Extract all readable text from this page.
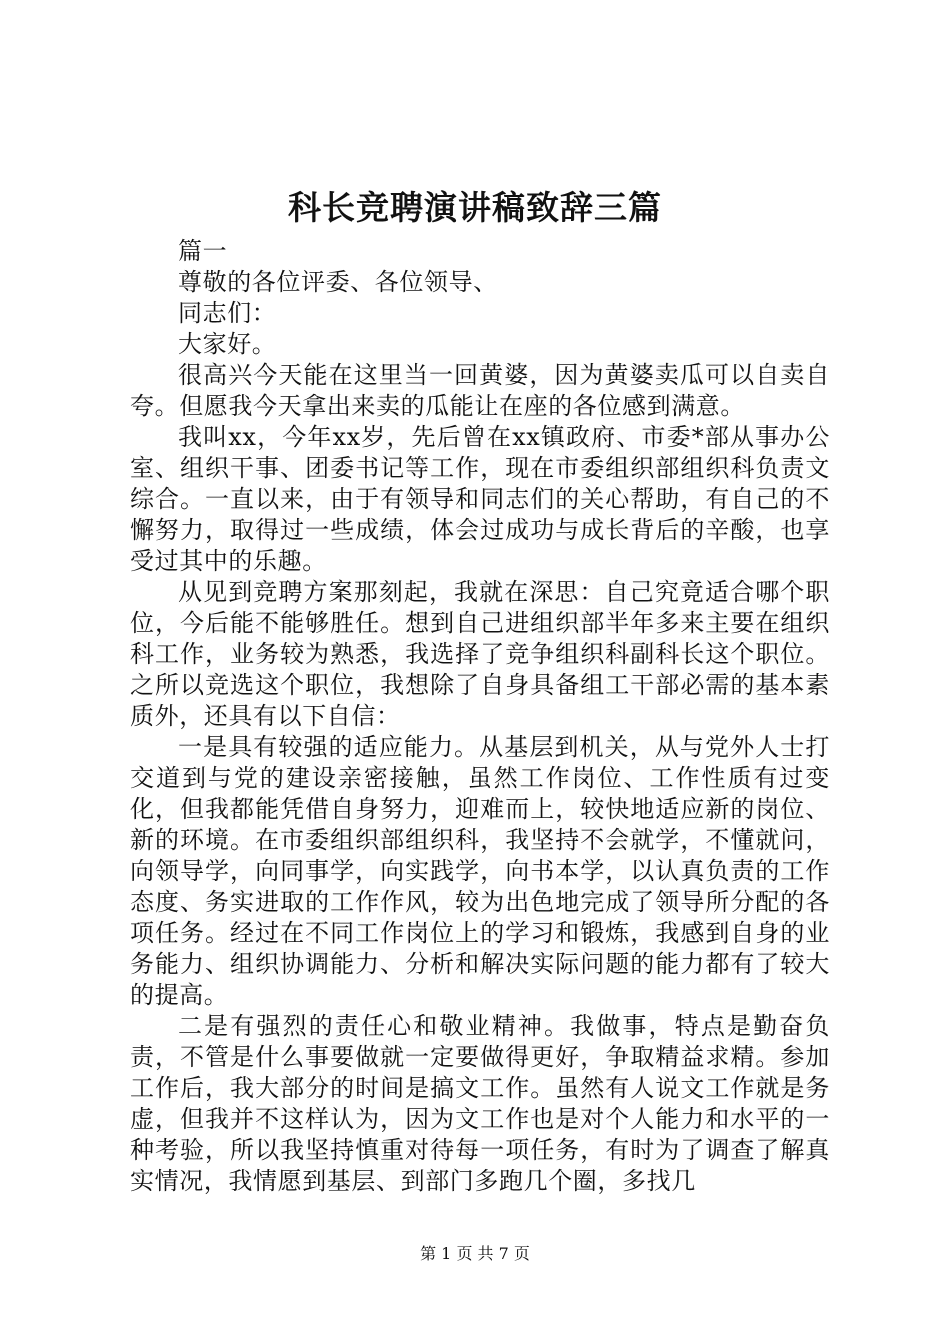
科长竞聘演讲稿致辞三篇

篇一

尊敬的各位评委、各位领导、

同志们：

大家好。

很高兴今天能在这里当一回黄婆，因为黄婆卖瓜可以自卖自夸。但愿我今天拿出来卖的瓜能让在座的各位感到满意。

我叫xx，今年xx岁，先后曾在xx镇政府、市委*部从事办公室、组织干事、团委书记等工作，现在市委组织部组织科负责文综合。一直以来，由于有领导和同志们的关心帮助，有自己的不懈努力，取得过一些成绩，体会过成功与成长背后的辛酸，也享受过其中的乐趣。

从见到竞聘方案那刻起，我就在深思：自己究竟适合哪个职位，今后能不能够胜任。想到自己进组织部半年多来主要在组织科工作，业务较为熟悉，我选择了竞争组织科副科长这个职位。之所以竞选这个职位，我想除了自身具备组工干部必需的基本素质外，还具有以下自信：

一是具有较强的适应能力。从基层到机关，从与党外人士打交道到与党的建设亲密接触，虽然工作岗位、工作性质有过变化，但我都能凭借自身努力，迎难而上，较快地适应新的岗位、新的环境。在市委组织部组织科，我坚持不会就学，不懂就问，向领导学，向同事学，向实践学，向书本学，以认真负责的工作态度、务实进取的工作作风，较为出色地完成了领导所分配的各项任务。经过在不同工作岗位上的学习和锻炼，我感到自身的业务能力、组织协调能力、分析和解决实际问题的能力都有了较大的提高。

二是有强烈的责任心和敬业精神。我做事，特点是勤奋负责，不管是什么事要做就一定要做得更好，争取精益求精。参加工作后，我大部分的时间是搞文工作。虽然有人说文工作就是务虚，但我并不这样认为，因为文工作也是对个人能力和水平的一种考验，所以我坚持慎重对待每一项任务，有时为了调查了解真实情况，我情愿到基层、到部门多跑几个圈，多找几

第 1 页 共 7 页
